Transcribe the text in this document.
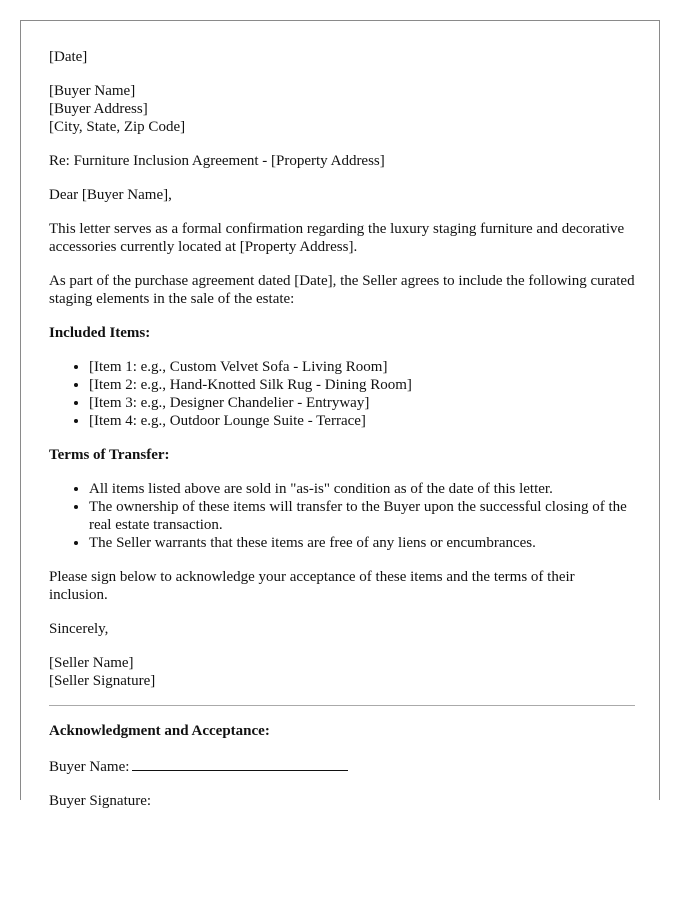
[Date]

[Buyer Name]
[Buyer Address]
[City, State, Zip Code]

Re: Furniture Inclusion Agreement - [Property Address]

Dear [Buyer Name],

This letter serves as a formal confirmation regarding the luxury staging furniture and decorative accessories currently located at [Property Address].

As part of the purchase agreement dated [Date], the Seller agrees to include the following curated staging elements in the sale of the estate:

Included Items:

• [Item 1: e.g., Custom Velvet Sofa - Living Room]
• [Item 2: e.g., Hand-Knotted Silk Rug - Dining Room]
• [Item 3: e.g., Designer Chandelier - Entryway]
• [Item 4: e.g., Outdoor Lounge Suite - Terrace]

Terms of Transfer:

• All items listed above are sold in "as-is" condition as of the date of this letter.
• The ownership of these items will transfer to the Buyer upon the successful closing of the real estate transaction.
• The Seller warrants that these items are free of any liens or encumbrances.

Please sign below to acknowledge your acceptance of these items and the terms of their inclusion.

Sincerely,

[Seller Name]
[Seller Signature]

Acknowledgment and Acceptance:

Buyer Name:

Buyer Signature:
